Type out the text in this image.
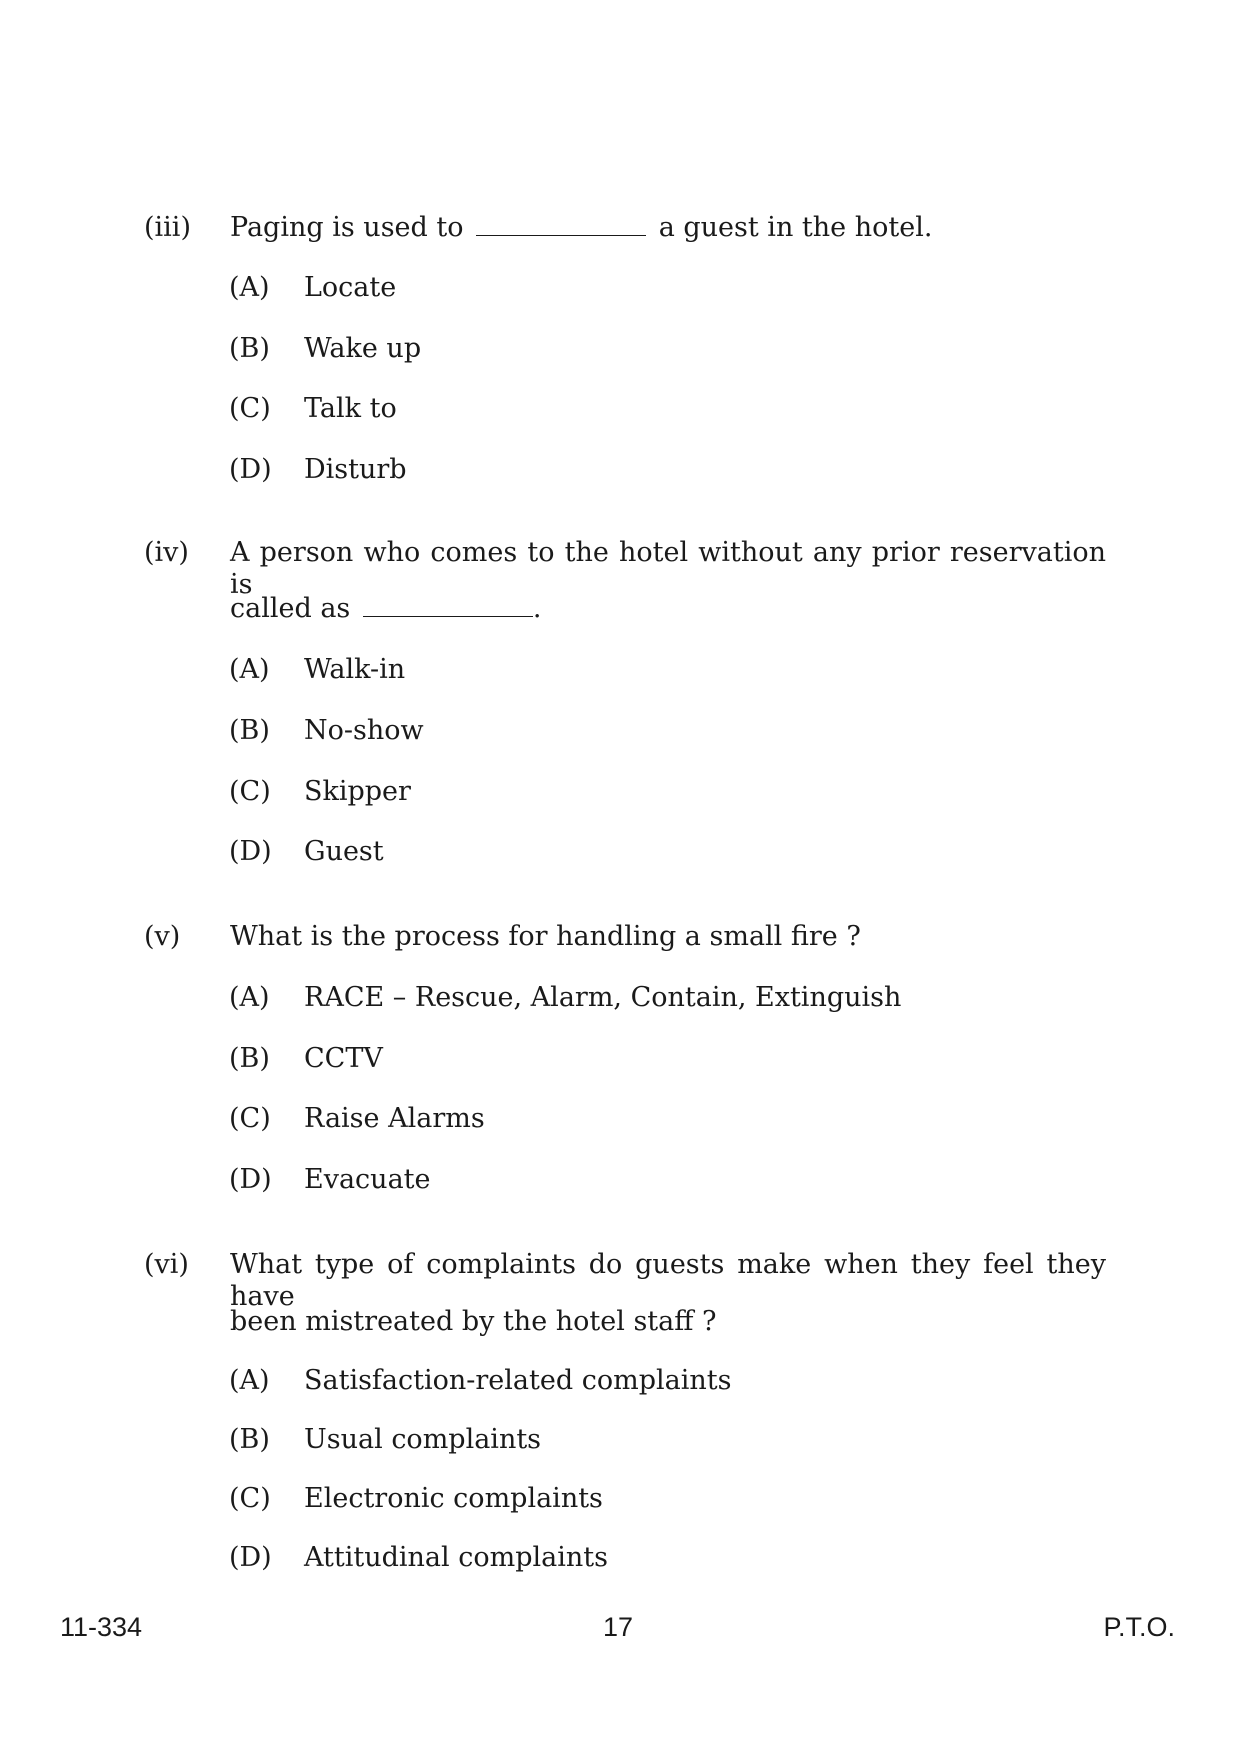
(iii) Paging is used to	a guest in the hotel.
(A) Locate
(B) Wake up
(C) Talk to
(D) Disturb
(iv) A person who comes to the hotel without any prior reservation is
called as	.
(A) Walk-in
(B) No-show
(C) Skipper
(D) Guest
(v) What is the process for handling a small fire ?
(A) RACE – Rescue, Alarm, Contain, Extinguish
(B) CCTV
(C) Raise Alarms
(D) Evacuate
(vi) What type of complaints do guests make when they feel they have
been mistreated by the hotel staff ?
(A) Satisfaction-related complaints
(B) Usual complaints
(C) Electronic complaints
(D) Attitudinal complaints
11-334	17	P.T.O.
